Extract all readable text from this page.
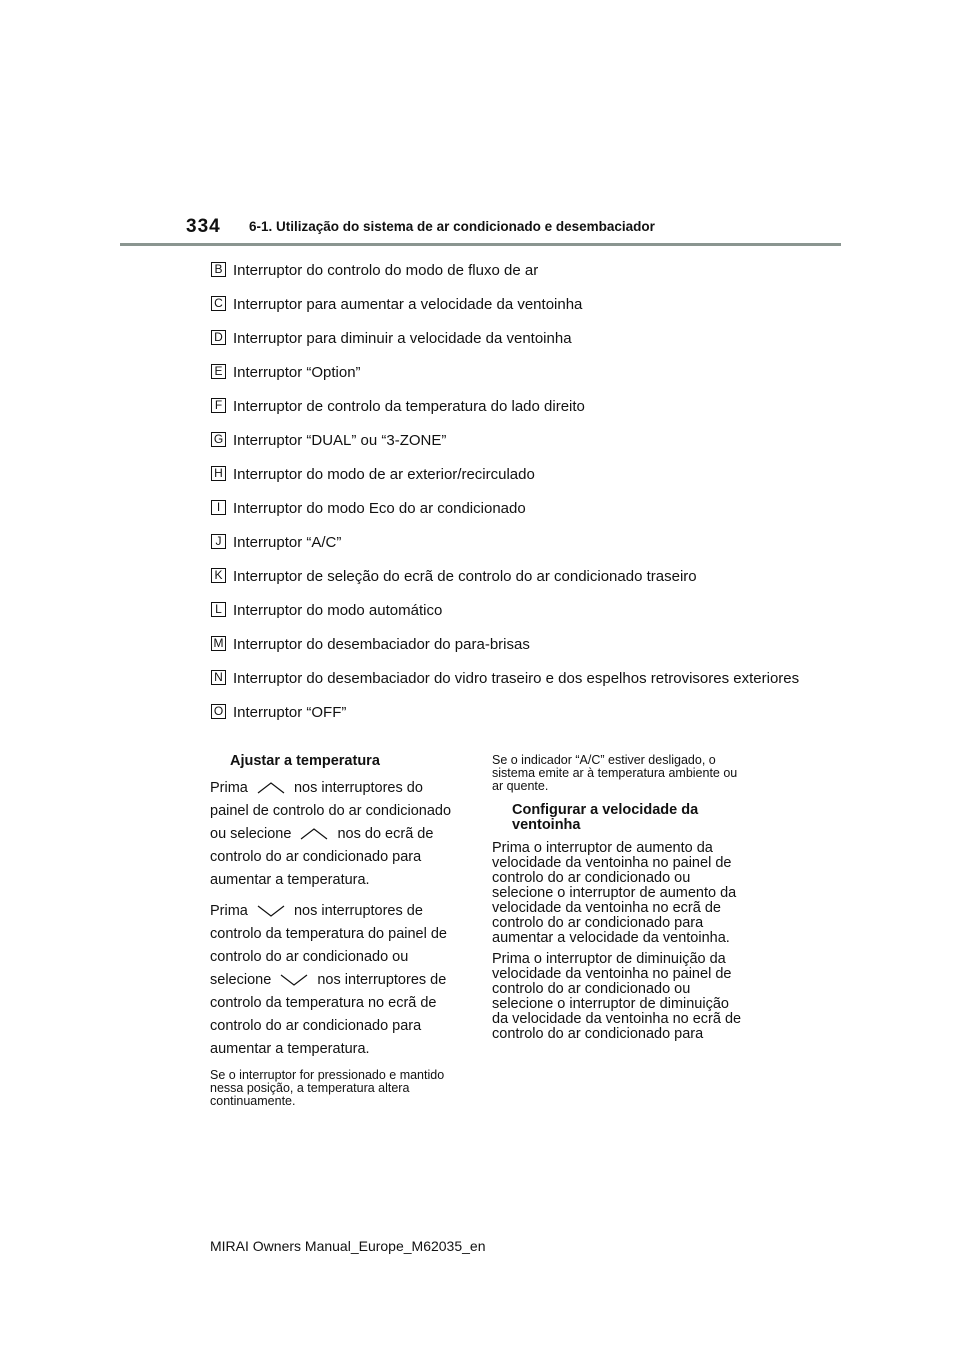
334 6-1. Utilização do sistema de ar condicionado e desembaciador
B Interruptor do controlo do modo de fluxo de ar
C Interruptor para aumentar a velocidade da ventoinha
D Interruptor para diminuir a velocidade da ventoinha
E Interruptor “Option”
F Interruptor de controlo da temperatura do lado direito
G Interruptor “DUAL” ou “3-ZONE”
H Interruptor do modo de ar exterior/recirculado
I Interruptor do modo Eco do ar condicionado
J Interruptor “A/C”
K Interruptor de seleção do ecrã de controlo do ar condicionado traseiro
L Interruptor do modo automático
M Interruptor do desembaciador do para-brisas
N Interruptor do desembaciador do vidro traseiro e dos espelhos retrovisores exteriores
O Interruptor “OFF”
Ajustar a temperatura
Prima	nos interruptores do painel de controlo do ar condicionado ou selecione	nos do ecrã de controlo do ar condicionado para aumentar a temperatura.
Prima	nos interruptores de controlo da temperatura do painel de controlo do ar condicionado ou selecione	nos interruptores de controlo da temperatura no ecrã de controlo do ar condicionado para aumentar a temperatura.
Se o interruptor for pressionado e mantido nessa posição, a temperatura altera continuamente.
Se o indicador “A/C” estiver desligado, o sistema emite ar à temperatura ambiente ou ar quente.
Configurar a velocidade da ventoinha
Prima o interruptor de aumento da velocidade da ventoinha no painel de controlo do ar condicionado ou selecione o interruptor de aumento da velocidade da ventoinha no ecrã de controlo do ar condicionado para aumentar a velocidade da ventoinha.
Prima o interruptor de diminuição da velocidade da ventoinha no painel de controlo do ar condicionado ou selecione o interruptor de diminuição da velocidade da ventoinha no ecrã de controlo do ar condicionado para
MIRAI Owners Manual_Europe_M62035_en
